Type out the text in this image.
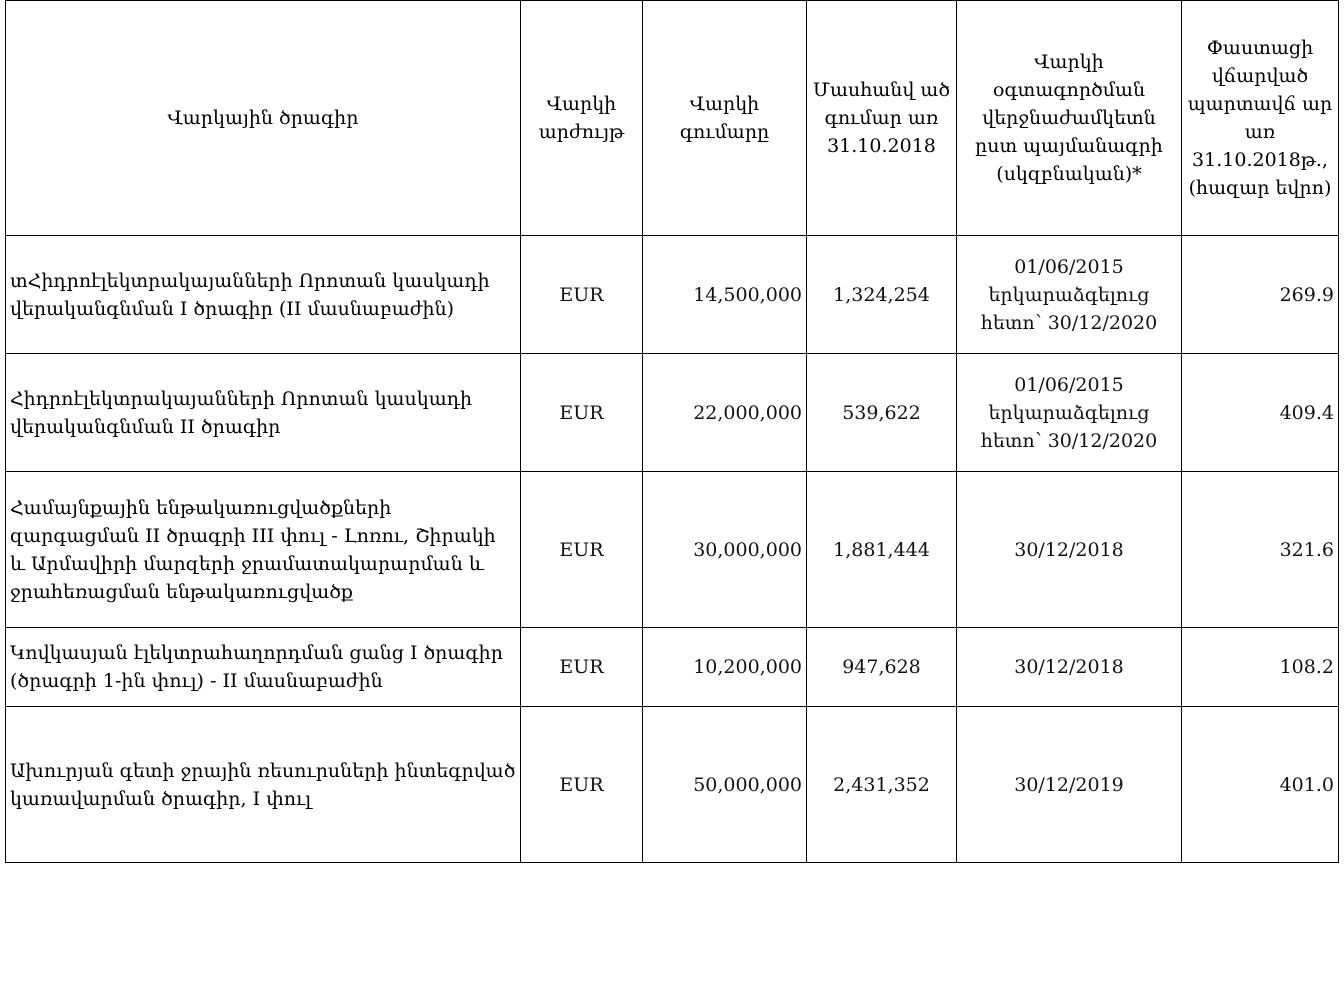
Վարկային ծրագիր	Վարկի արժույթ	Վարկի գումարը	Մասհանվ ած գումար առ 31.10.2018	Վարկի օգտագործման վերջնաժամկետն ըստ պայմանագրի (սկզբնական)*	Փաստացի վճարված պարտավճ ար առ 31.10.2018թ., (հազար եվրո)
տՀիդրոէլեկտրակայանների Որոտան կասկադի վերականգնման I ծրագիր (II մասնաբաժին)	EUR	14,500,000	1,324,254	01/06/2015 երկարաձգելուց հետո՝ 30/12/2020	269.9
Հիդրոէլեկտրակայանների Որոտան կասկադի վերականգնման II ծրագիր	EUR	22,000,000	539,622	01/06/2015 երկարաձգելուց հետո՝ 30/12/2020	409.4
Համայնքային ենթակառուցվածքների զարգացման II ծրագրի III փուլ - Լոռու, Շիրակի և Արմավիրի մարզերի ջրամատակարարման և ջրահեռացման ենթակառուցվածք	EUR	30,000,000	1,881,444	30/12/2018	321.6
Կովկասյան էլեկտրահաղորդման ցանց I ծրագիր (ծրագրի 1-ին փուլ) - II մասնաբաժին	EUR	10,200,000	947,628	30/12/2018	108.2
Ախուրյան գետի ջրային ռեսուրսների ինտեգրված կառավարման ծրագիր, I փուլ	EUR	50,000,000	2,431,352	30/12/2019	401.0
